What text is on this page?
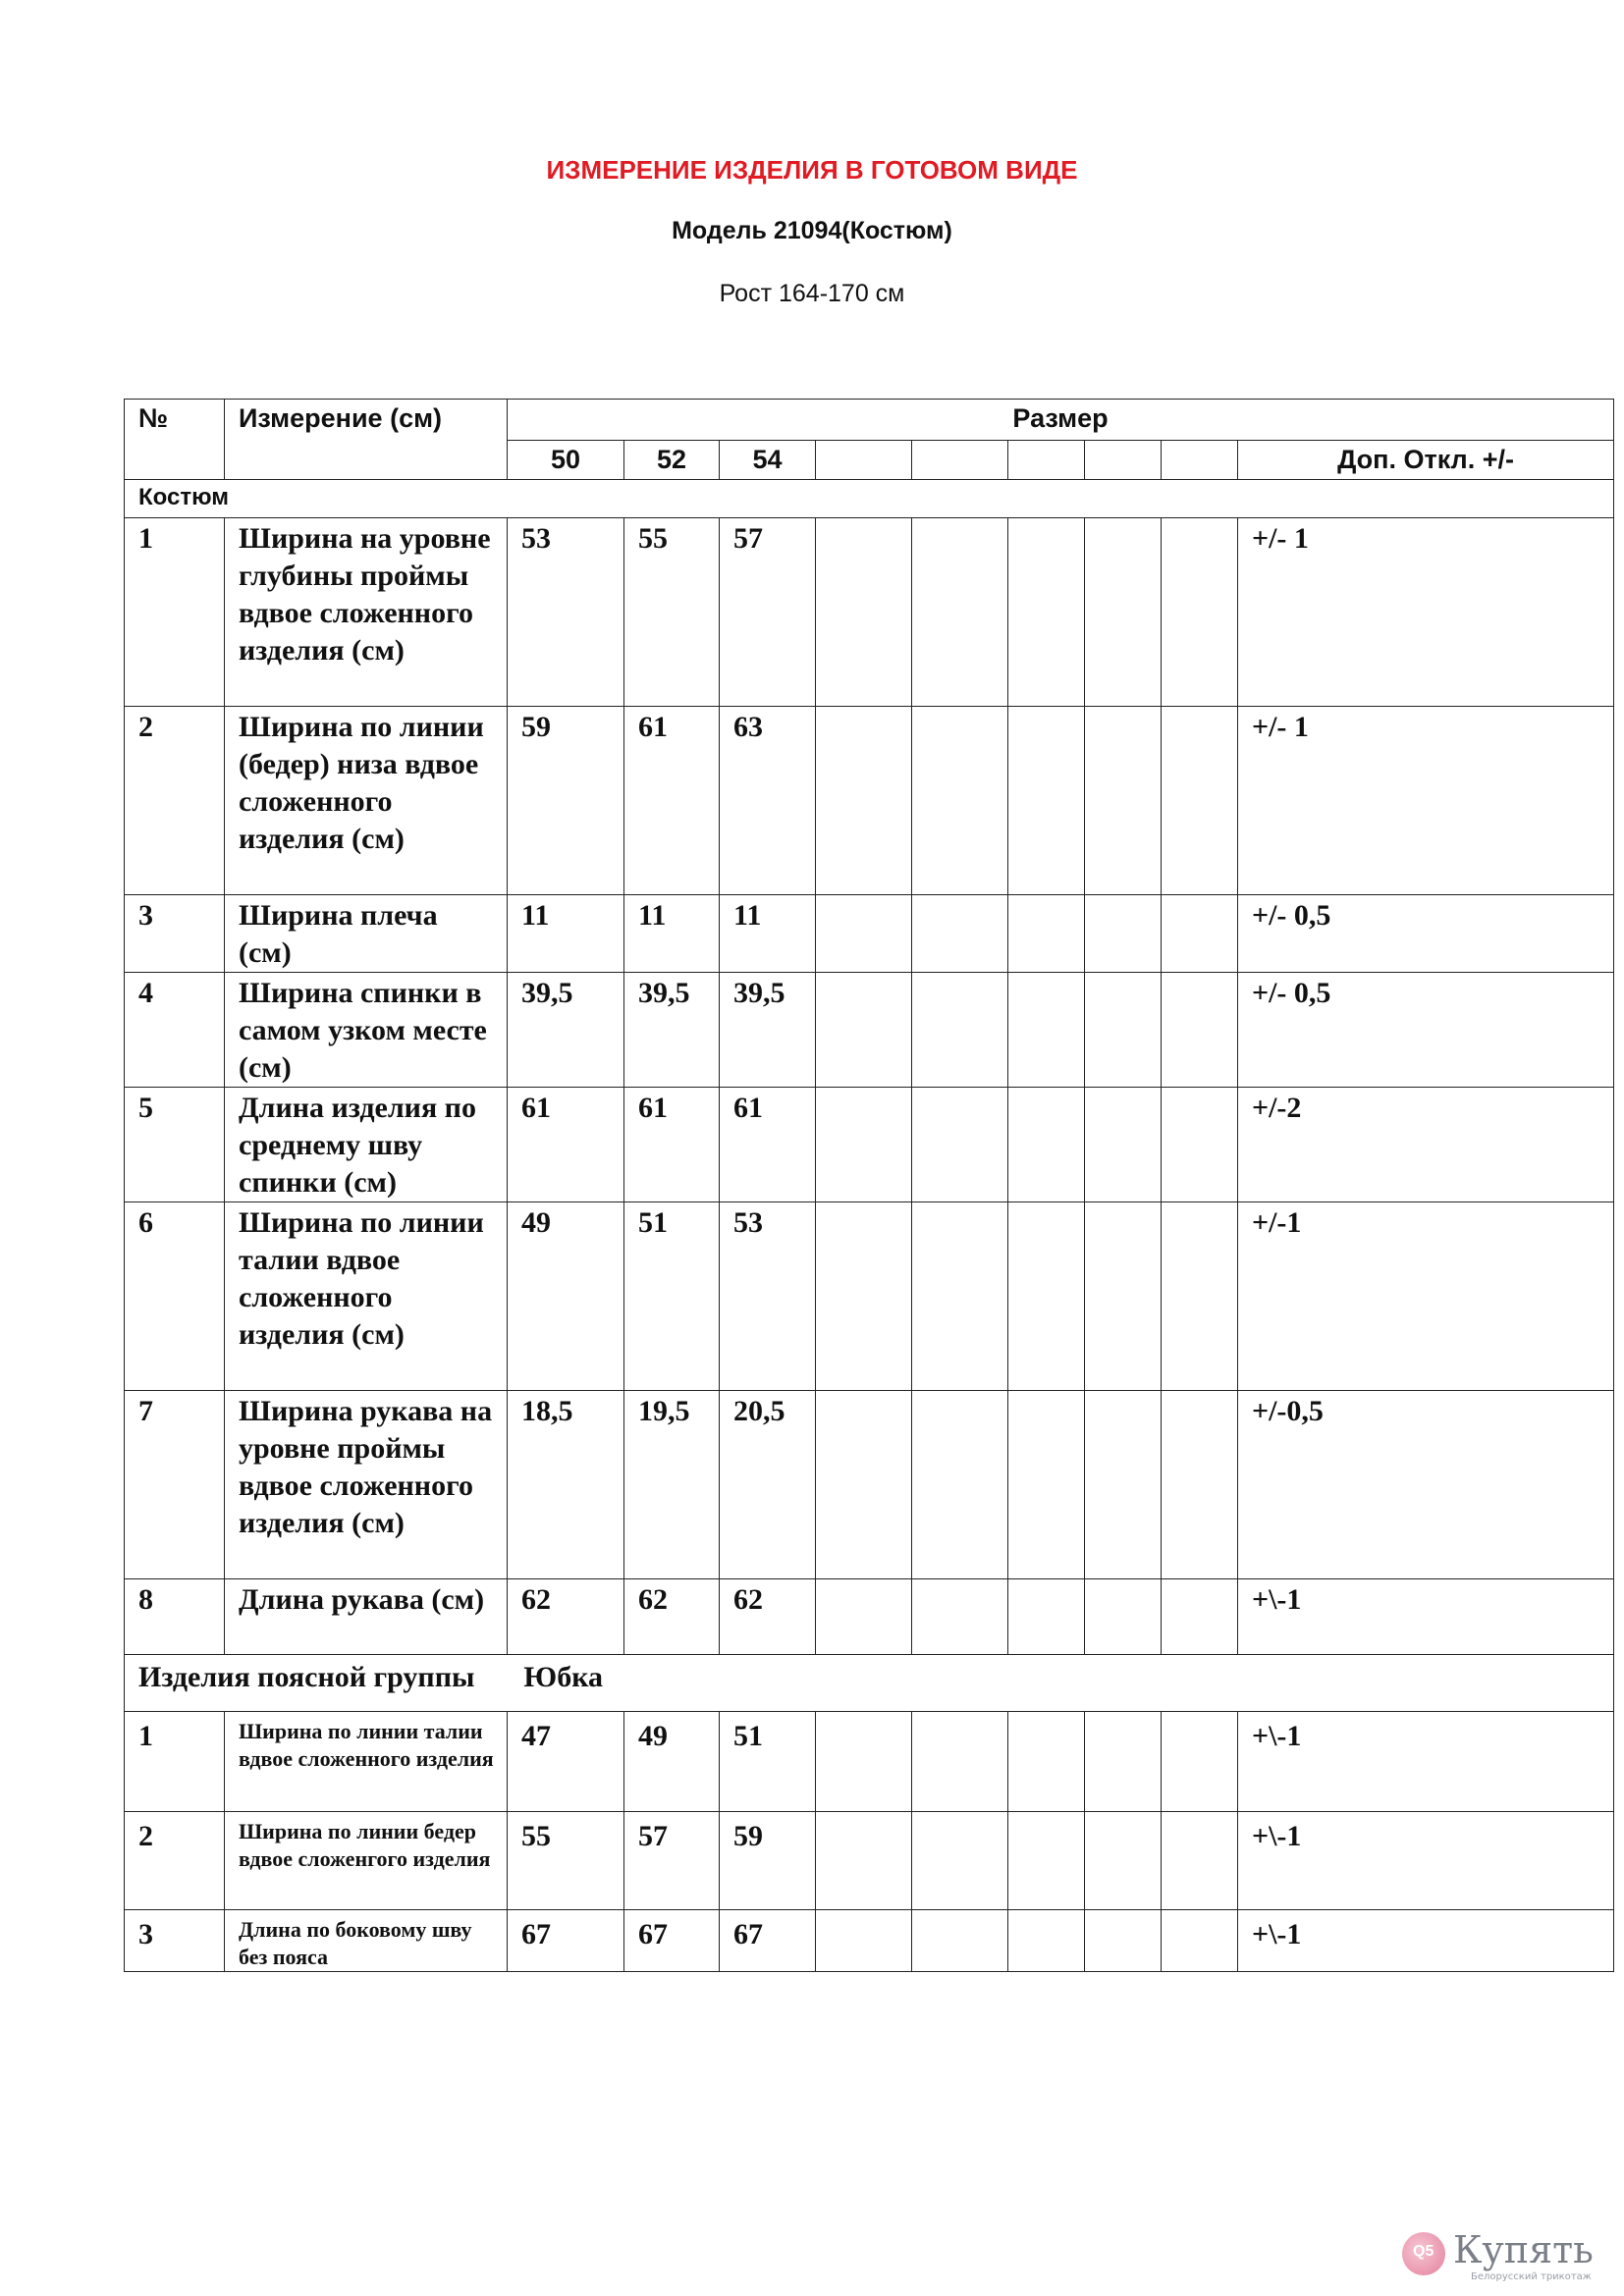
ИЗМЕРЕНИЕ ИЗДЕЛИЯ В ГОТОВОМ ВИДЕ
Модель 21094(Костюм)
Рост 164-170 см
№	Измерение (см)	Размер								
		50	52	54						Доп. Откл. +/-
Костюм										
1	Ширина на уровне глубины проймы вдвое сложенного изделия (см)	53	55	57						+/- 1
2	Ширина по линии (бедер) низа вдвое сложенного изделия (см)	59	61	63						+/- 1
3	Ширина плеча (см)	11	11	11						+/- 0,5
4	Ширина спинки в самом узком месте (см)	39,5	39,5	39,5						+/- 0,5
5	Длина изделия по среднему шву спинки (см)	61	61	61						+/-2
6	Ширина по линии талии вдвое сложенного изделия (см)	49	51	53						+/-1
7	Ширина рукава на уровне проймы вдвое сложенного изделия (см)	18,5	19,5	20,5						+/-0,5
8	Длина рукава (см)	62	62	62						+\-1
Изделия поясной группы Юбка										
1	Ширина по линии талии вдвое сложенного изделия	47	49	51						+\-1
2	Ширина по линии бедер вдвое сложенгого изделия	55	57	59						+\-1
3	Длина по боковому шву без пояса	67	67	67						+\-1
Q5 Купять
Белорусский трикотаж
